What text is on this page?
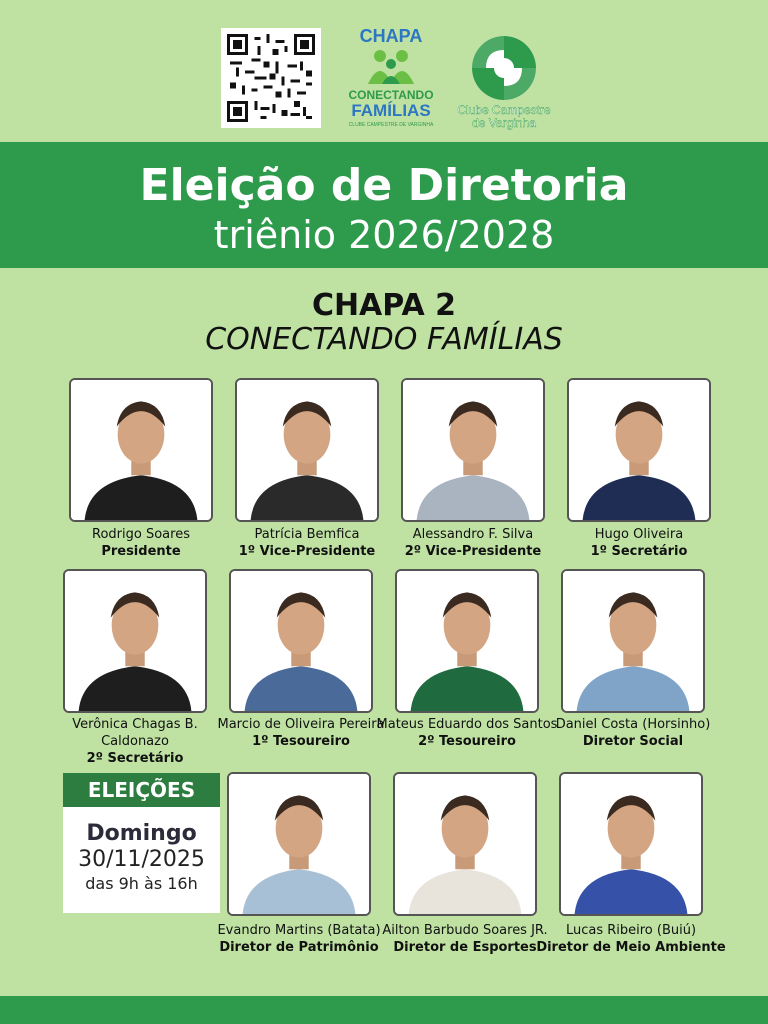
CHAPA
CONECTANDO
FAMÍLIAS
CLUBE CAMPESTRE DE VARGINHA
Clube Campestre
de Varginha
Eleição de Diretoria
triênio 2026/2028
CHAPA 2
CONECTANDO FAMÍLIAS
Rodrigo Soares
Presidente
Patrícia Bemfica
1º Vice-Presidente
Alessandro F. Silva
2º Vice-Presidente
Hugo Oliveira
1º Secretário
Verônica Chagas B. Caldonazo
2º Secretário
Marcio de Oliveira Pereira
1º Tesoureiro
Mateus Eduardo dos Santos
2º Tesoureiro
Daniel Costa (Horsinho)
Diretor Social
Evandro Martins (Batata)
Diretor de Patrimônio
Ailton Barbudo Soares JR.
Diretor de Esportes
Lucas Ribeiro (Buiú)
Diretor de Meio Ambiente
ELEIÇÕES
Domingo
30/11/2025
das 9h às 16h
